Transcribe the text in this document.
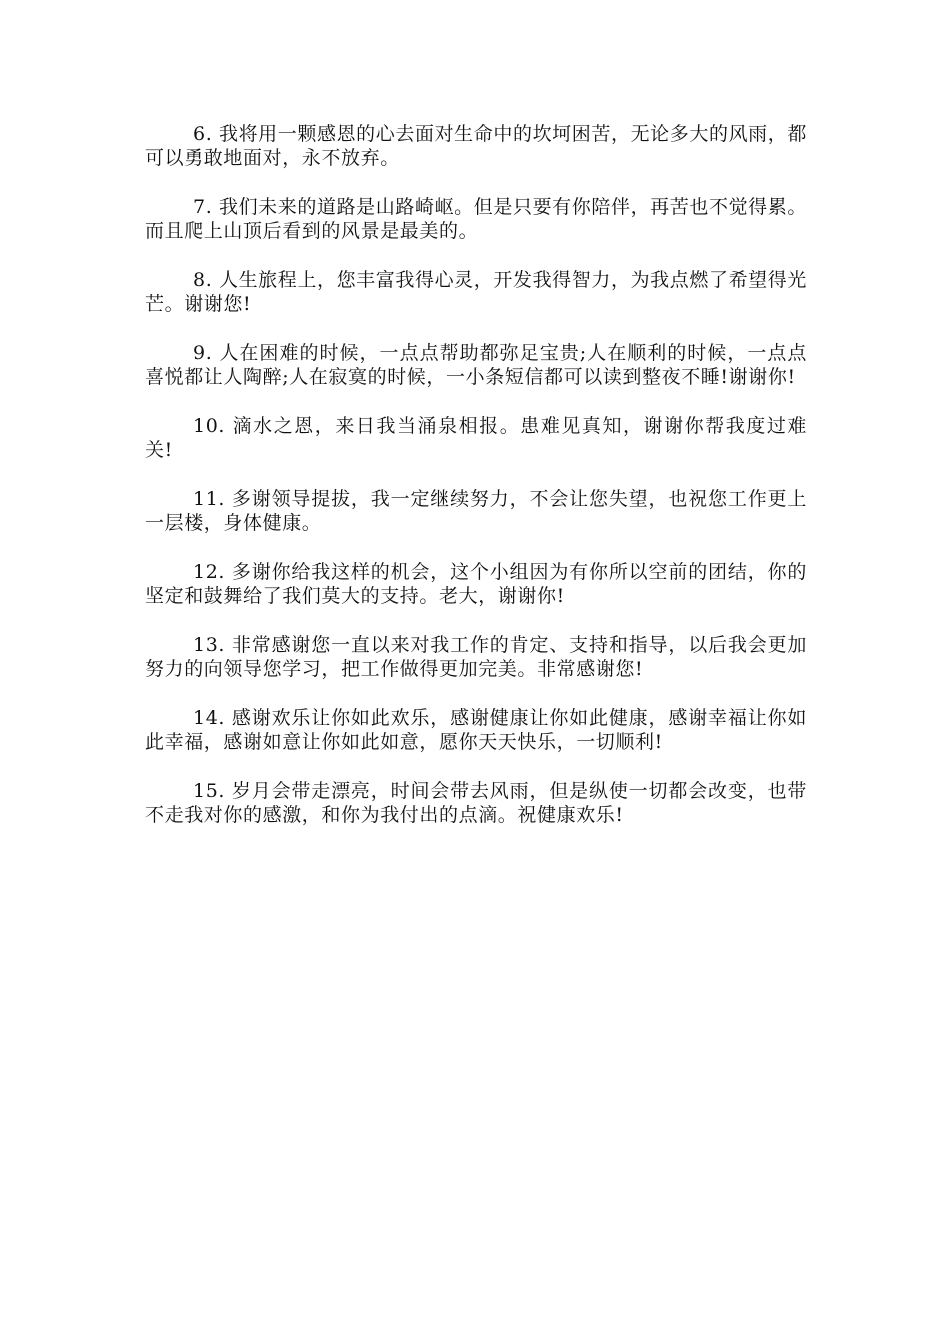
6. 我将用一颗感恩的心去面对生命中的坎坷困苦，无论多大的风雨，都可以勇敢地面对，永不放弃。

7. 我们未来的道路是山路崎岖。但是只要有你陪伴，再苦也不觉得累。而且爬上山顶后看到的风景是最美的。

8. 人生旅程上，您丰富我得心灵，开发我得智力，为我点燃了希望得光芒。谢谢您!

9. 人在困难的时候，一点点帮助都弥足宝贵;人在顺利的时候，一点点喜悦都让人陶醉;人在寂寞的时候，一小条短信都可以读到整夜不睡!谢谢你!

10. 滴水之恩，来日我当涌泉相报。患难见真知，谢谢你帮我度过难关!

11. 多谢领导提拔，我一定继续努力，不会让您失望，也祝您工作更上一层楼，身体健康。

12. 多谢你给我这样的机会，这个小组因为有你所以空前的团结，你的坚定和鼓舞给了我们莫大的支持。老大，谢谢你!

13. 非常感谢您一直以来对我工作的肯定、支持和指导，以后我会更加努力的向领导您学习，把工作做得更加完美。非常感谢您!

14. 感谢欢乐让你如此欢乐，感谢健康让你如此健康，感谢幸福让你如此幸福，感谢如意让你如此如意，愿你天天快乐，一切顺利!

15. 岁月会带走漂亮，时间会带去风雨，但是纵使一切都会改变，也带不走我对你的感激，和你为我付出的点滴。祝健康欢乐!
